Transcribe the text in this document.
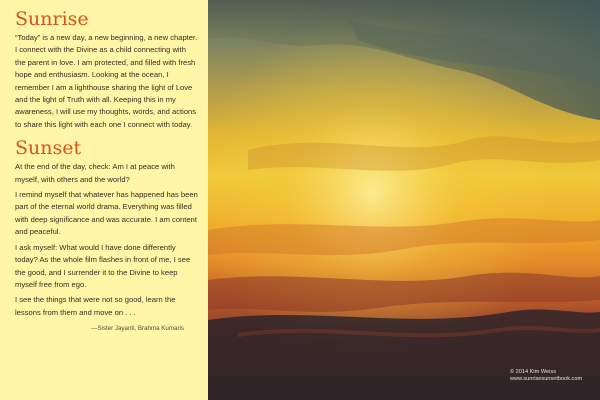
Sunrise

“Today” is a new day, a new beginning, a new chapter. I connect with the Divine as a child connecting with the parent in love. I am protected, and filled with fresh hope and enthusiasm. Looking at the ocean, I remember I am a lighthouse sharing the light of Love and the light of Truth with all. Keeping this in my awareness, I will use my thoughts, words, and actions to share this light with each one I connect with today.

Sunset

At the end of the day, check: Am I at peace with myself, with others and the world?

I remind myself that whatever has happened has been part of the eternal world drama. Everything was filled with deep significance and was accurate. I am content and peaceful.

I ask myself: What would I have done differently today? As the whole film flashes in front of me, I see the good, and I surrender it to the Divine to keep myself free from ego.

I see the things that were not so good, learn the lessons from them and move on . . .

—Sister Jayanti, Brahma Kumaris
© 2014 Kim Weiss
www.sunrisesunsetbook.com
